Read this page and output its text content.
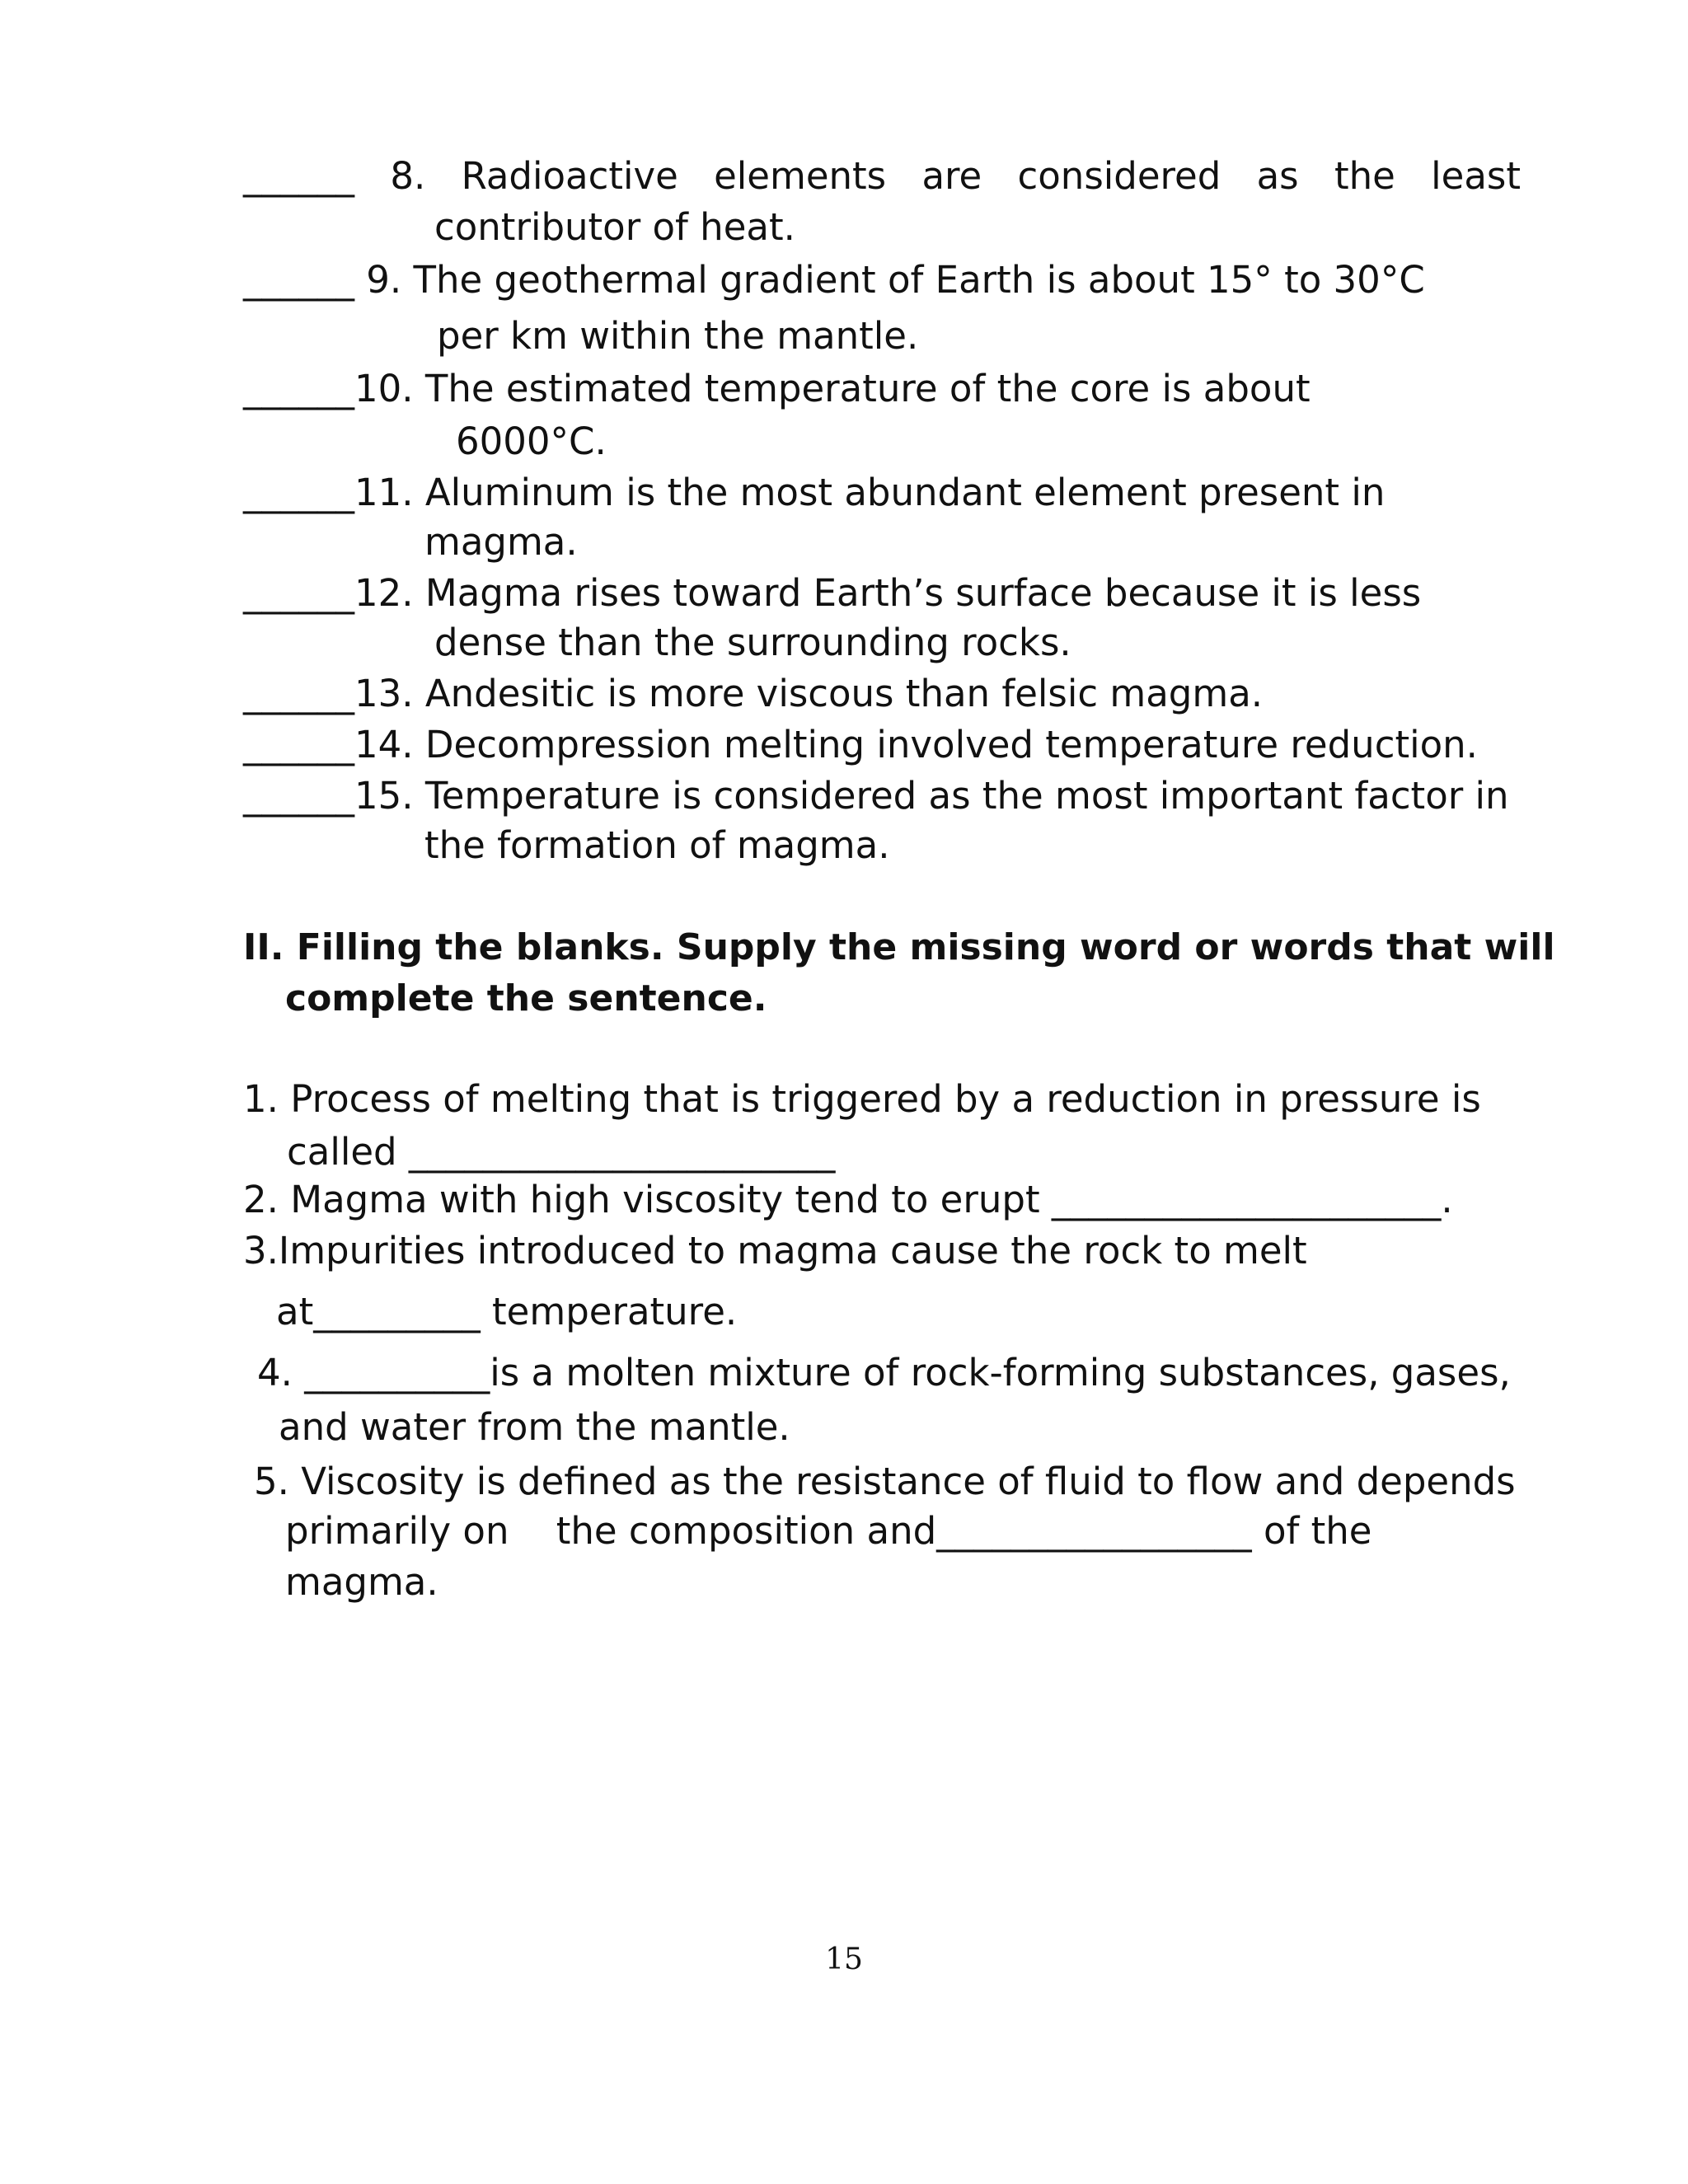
______ 8. Radioactive elements are considered as the least
contributor of heat.
______ 9. The geothermal gradient of Earth is about 15° to 30°C
per km within the mantle.
______10. The estimated temperature of the core is about
6000°C.
______11. Aluminum is the most abundant element present in
magma.
______12. Magma rises toward Earth’s surface because it is less
dense than the surrounding rocks.
______13. Andesitic is more viscous than felsic magma.
______14. Decompression melting involved temperature reduction.
______15. Temperature is considered as the most important factor in
the formation of magma.
II. Filling the blanks. Supply the missing word or words that will
complete the sentence.
1. Process of melting that is triggered by a reduction in pressure is
called _______________________
2. Magma with high viscosity tend to erupt _____________________.
3.Impurities introduced to magma cause the rock to melt
at_________ temperature.
4. __________is a molten mixture of rock-forming substances, gases,
and water from the mantle.
5. Viscosity is defined as the resistance of fluid to flow and depends
primarily on    the composition and_________________ of the
magma.
15
